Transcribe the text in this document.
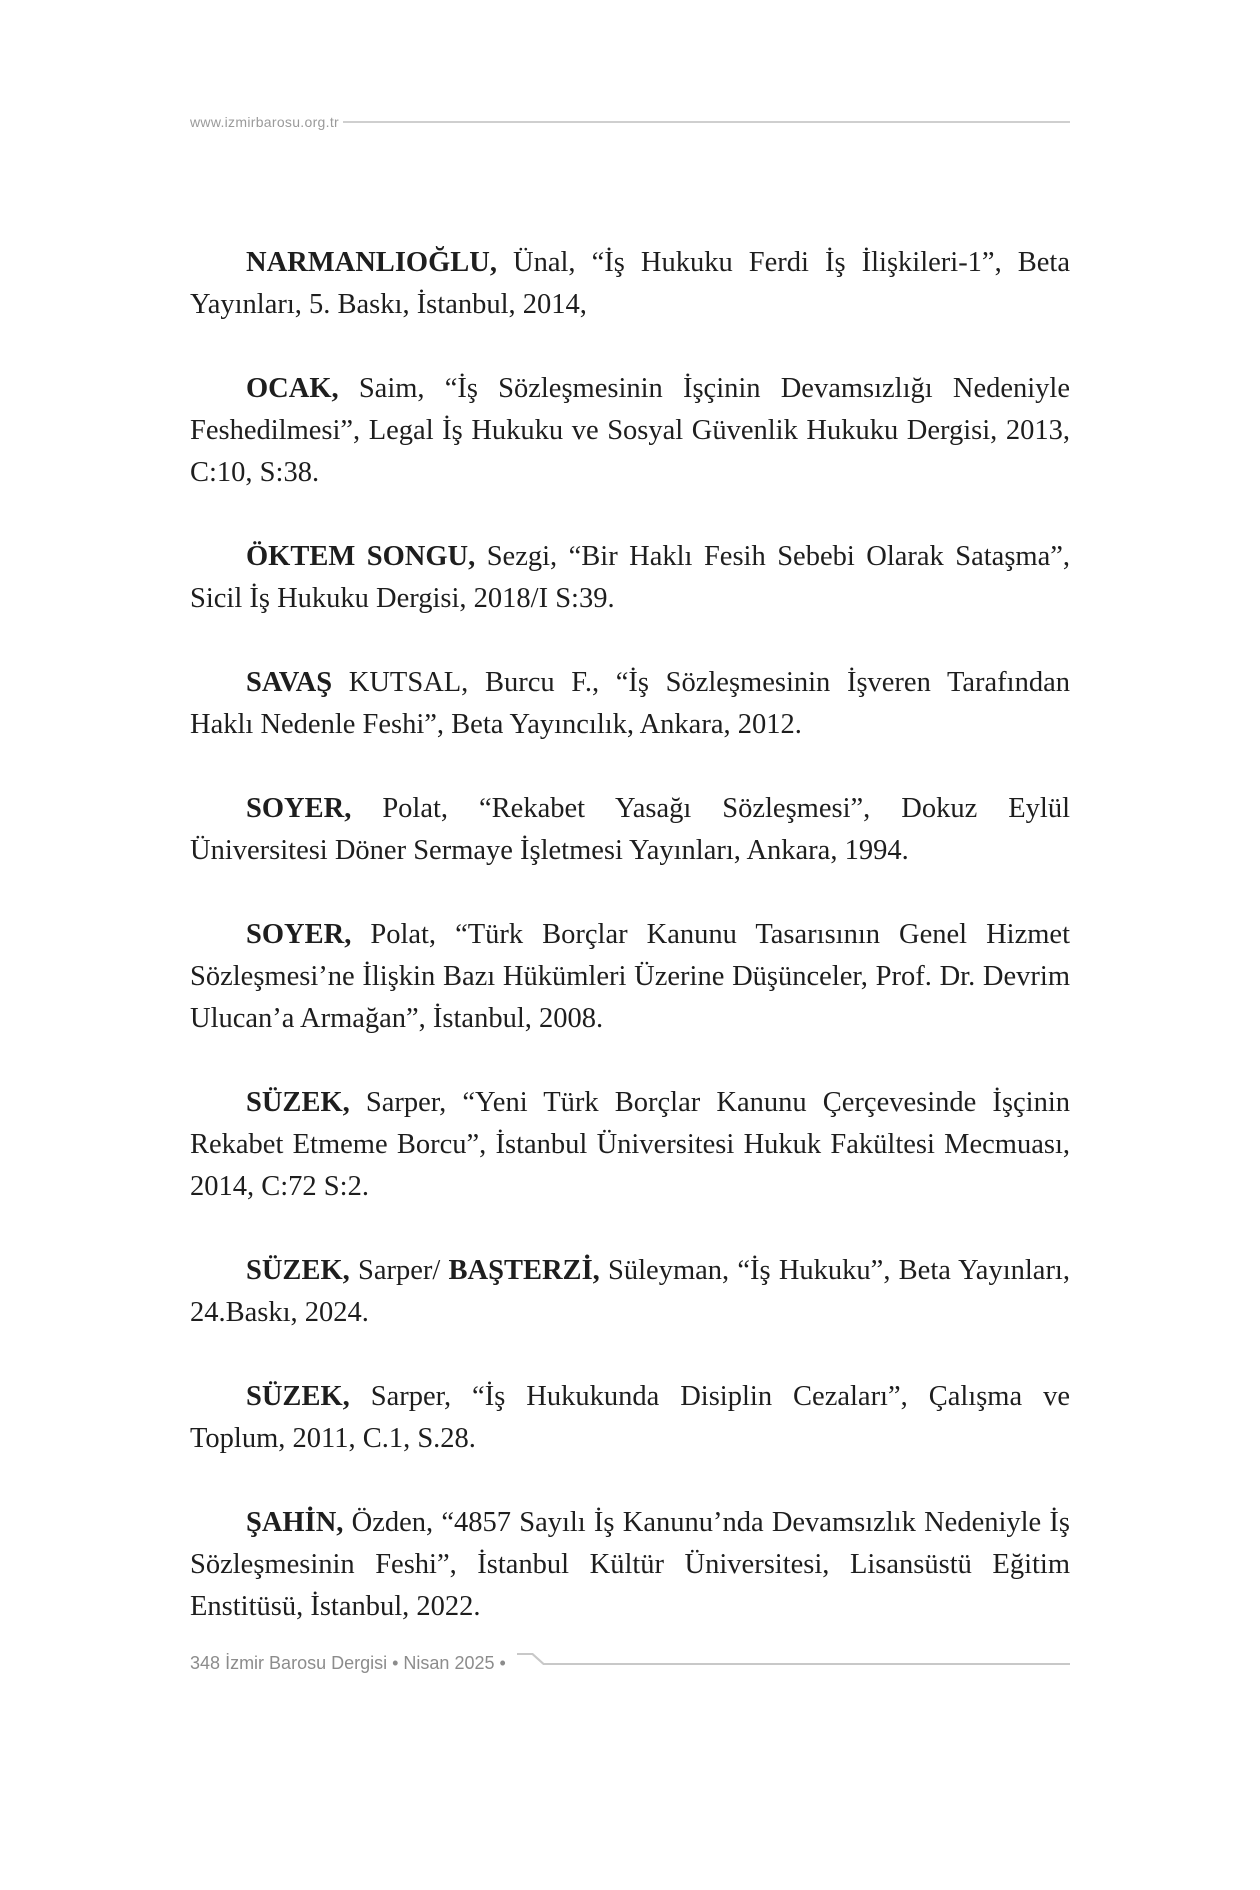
www.izmirbarosu.org.tr

NARMANLIOĞLU, Ünal, “İş Hukuku Ferdi İş İlişkileri-1”, Beta Yayınları, 5. Baskı, İstanbul, 2014,

OCAK, Saim, “İş Sözleşmesinin İşçinin Devamsızlığı Nedeniyle Feshedilmesi”, Legal İş Hukuku ve Sosyal Güvenlik Hukuku Dergisi, 2013, C:10, S:38.

ÖKTEM SONGU, Sezgi, “Bir Haklı Fesih Sebebi Olarak Sataşma”, Sicil İş Hukuku Dergisi, 2018/I S:39.

SAVAŞ KUTSAL, Burcu F., “İş Sözleşmesinin İşveren Tarafından Haklı Nedenle Feshi”, Beta Yayıncılık, Ankara, 2012.

SOYER, Polat, “Rekabet Yasağı Sözleşmesi”, Dokuz Eylül Üniversitesi Döner Sermaye İşletmesi Yayınları, Ankara, 1994.

SOYER, Polat, “Türk Borçlar Kanunu Tasarısının Genel Hizmet Sözleşmesi’ne İlişkin Bazı Hükümleri Üzerine Düşünceler, Prof. Dr. Devrim Ulucan’a Armağan”, İstanbul, 2008.

SÜZEK, Sarper, “Yeni Türk Borçlar Kanunu Çerçevesinde İşçinin Rekabet Etmeme Borcu”, İstanbul Üniversitesi Hukuk Fakültesi Mecmuası, 2014, C:72 S:2.

SÜZEK, Sarper/ BAŞTERZİ, Süleyman, “İş Hukuku”, Beta Yayınları, 24.Baskı, 2024.

SÜZEK, Sarper, “İş Hukukunda Disiplin Cezaları”, Çalışma ve Toplum, 2011, C.1, S.28.

ŞAHİN, Özden, “4857 Sayılı İş Kanunu’nda Devamsızlık Nedeniyle İş Sözleşmesinin Feshi”, İstanbul Kültür Üniversitesi, Lisansüstü Eğitim Enstitüsü, İstanbul, 2022.

348 İzmir Barosu Dergisi • Nisan 2025 •
